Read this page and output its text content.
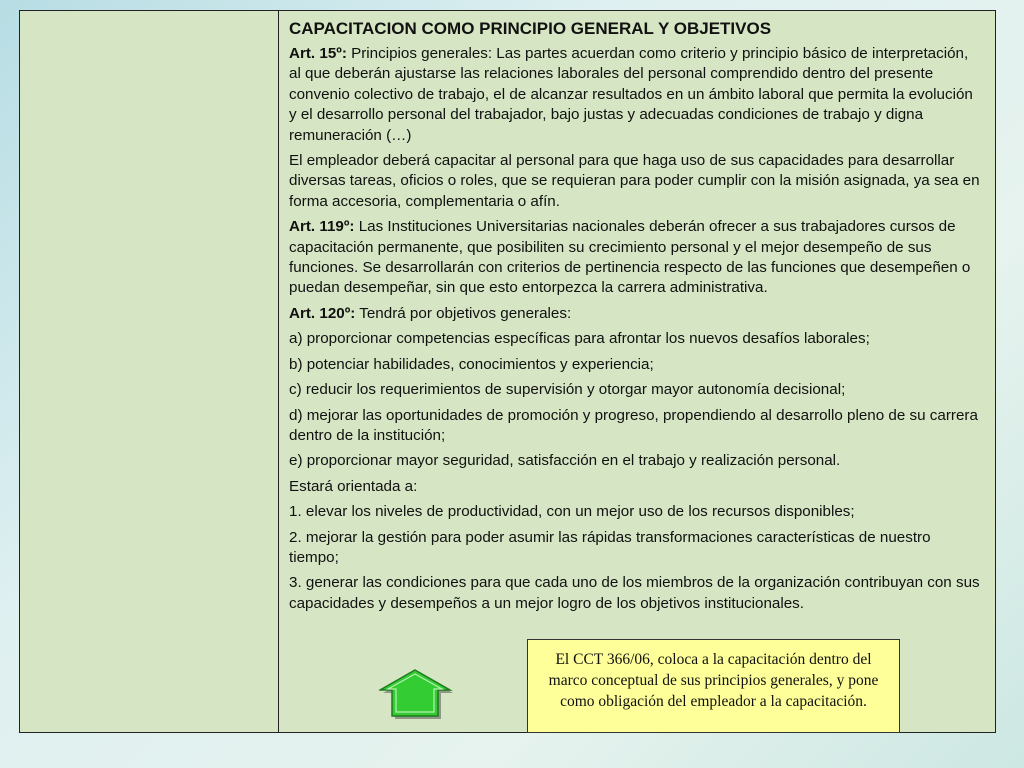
CAPACITACION COMO PRINCIPIO GENERAL Y OBJETIVOS
Art. 15º: Principios generales: Las partes acuerdan como criterio y principio básico de interpretación, al que deberán ajustarse las relaciones laborales del personal comprendido dentro del presente convenio colectivo de trabajo, el de alcanzar resultados en un ámbito laboral que permita la evolución y el desarrollo personal del trabajador, bajo justas y adecuadas condiciones de trabajo y digna remuneración (…)
El empleador deberá capacitar al personal para que haga uso de sus capacidades para desarrollar diversas tareas, oficios o roles, que se requieran para poder cumplir con la misión asignada, ya sea en forma accesoria, complementaria o afín.
Art. 119º: Las Instituciones Universitarias nacionales deberán ofrecer a sus trabajadores cursos de capacitación permanente, que posibiliten su crecimiento personal y el mejor desempeño de sus funciones. Se desarrollarán con criterios de pertinencia respecto de las funciones que desempeñen o puedan desempeñar, sin que esto entorpezca la carrera administrativa.
Art. 120º: Tendrá por objetivos generales:
a) proporcionar competencias específicas para afrontar los nuevos desafíos laborales;
b) potenciar habilidades, conocimientos y experiencia;
c) reducir los requerimientos de supervisión y otorgar mayor autonomía decisional;
d) mejorar las oportunidades de promoción y progreso, propendiendo al desarrollo pleno de su carrera dentro de la institución;
e) proporcionar mayor seguridad, satisfacción en el trabajo y realización personal.
Estará orientada a:
1. elevar los niveles de productividad, con un mejor uso de los recursos disponibles;
2. mejorar la gestión para poder asumir las rápidas transformaciones características de nuestro tiempo;
3. generar las condiciones para que cada uno de los miembros de la organización contribuyan con sus capacidades y desempeños a un mejor logro de los objetivos institucionales.
El CCT 366/06, coloca a la capacitación dentro del marco conceptual de sus principios generales, y pone como obligación del empleador a la capacitación.
